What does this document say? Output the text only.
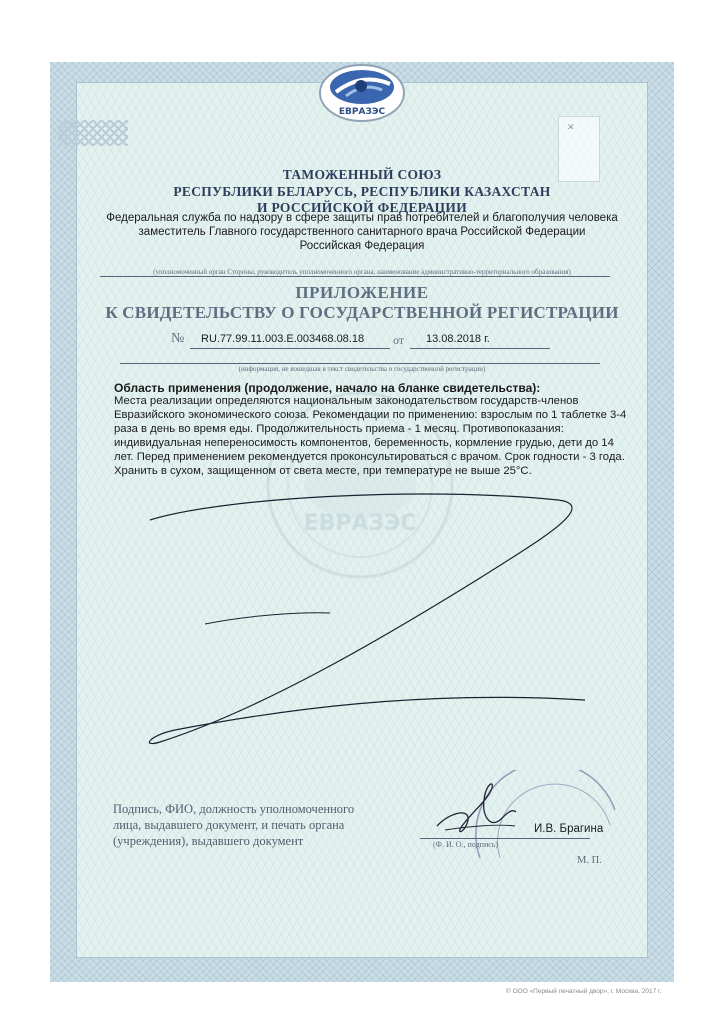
✕
ЕВРАЗЭС
ЕВРАЗЭС
ТАМОЖЕННЫЙ СОЮЗ
РЕСПУБЛИКИ БЕЛАРУСЬ, РЕСПУБЛИКИ КАЗАХСТАН
И РОССИЙСКОЙ ФЕДЕРАЦИИ
Федеральная служба по надзору в сфере защиты прав потребителей и благополучия человека
заместитель Главного государственного санитарного врача Российской Федерации
Российская Федерация
(уполномоченный орган Стороны, руководитель уполномоченного органа, наименование административно-территориального образования)
ПРИЛОЖЕНИЕ
К СВИДЕТЕЛЬСТВУ О ГОСУДАРСТВЕННОЙ РЕГИСТРАЦИИ
№ RU.77.99.11.003.E.003468.08.18 от 13.08.2018 г.
(информация, не вошедшая в текст свидетельства о государственной регистрации)
Область применения (продолжение, начало на бланке свидетельства):
Места реализации определяются национальным законодательством государств-членов
Евразийского экономического союза. Рекомендации по применению: взрослым по 1 таблетке 3-4
раза в день во время еды. Продолжительность приема - 1 месяц. Противопоказания:
индивидуальная непереносимость компонентов, беременность, кормление грудью, дети до 14
лет. Перед применением рекомендуется проконсультироваться с врачом. Срок годности - 3 года.
Хранить в сухом, защищенном от света месте, при температуре не выше 25°С.
Подпись, ФИО, должность уполномоченного
лица, выдавшего документ, и печать органа
(учреждения), выдавшего документ
И.В. Брагина
(Ф. И. О., подпись)
М. П.
© ООО «Первый печатный двор», г. Москва, 2017 г.
